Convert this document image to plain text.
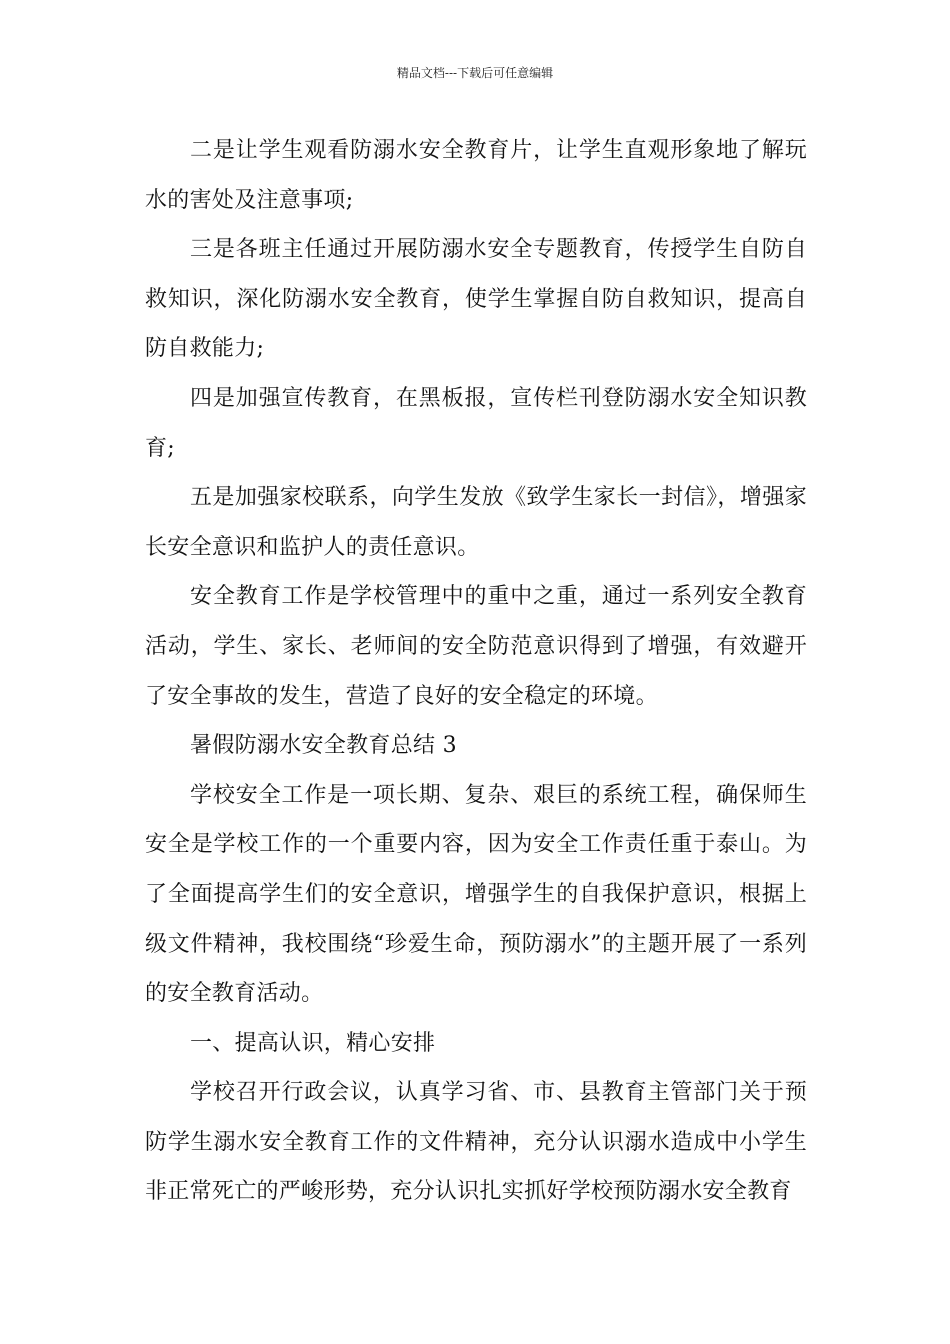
精品文档---下载后可任意编辑

二是让学生观看防溺水安全教育片，让学生直观形象地了解玩水的害处及注意事项;

三是各班主任通过开展防溺水安全专题教育，传授学生自防自救知识，深化防溺水安全教育，使学生掌握自防自救知识，提高自防自救能力;

四是加强宣传教育，在黑板报，宣传栏刊登防溺水安全知识教育;

五是加强家校联系，向学生发放《致学生家长一封信》，增强家长安全意识和监护人的责任意识。

安全教育工作是学校管理中的重中之重，通过一系列安全教育活动，学生、家长、老师间的安全防范意识得到了增强，有效避开了安全事故的发生，营造了良好的安全稳定的环境。

暑假防溺水安全教育总结 3

学校安全工作是一项长期、复杂、艰巨的系统工程，确保师生安全是学校工作的一个重要内容，因为安全工作责任重于泰山。为了全面提高学生们的安全意识，增强学生的自我保护意识，根据上级文件精神，我校围绕“珍爱生命，预防溺水”的主题开展了一系列的安全教育活动。

一、提高认识，精心安排

学校召开行政会议，认真学习省、市、县教育主管部门关于预防学生溺水安全教育工作的文件精神，充分认识溺水造成中小学生非正常死亡的严峻形势，充分认识扎实抓好学校预防溺水安全教育
